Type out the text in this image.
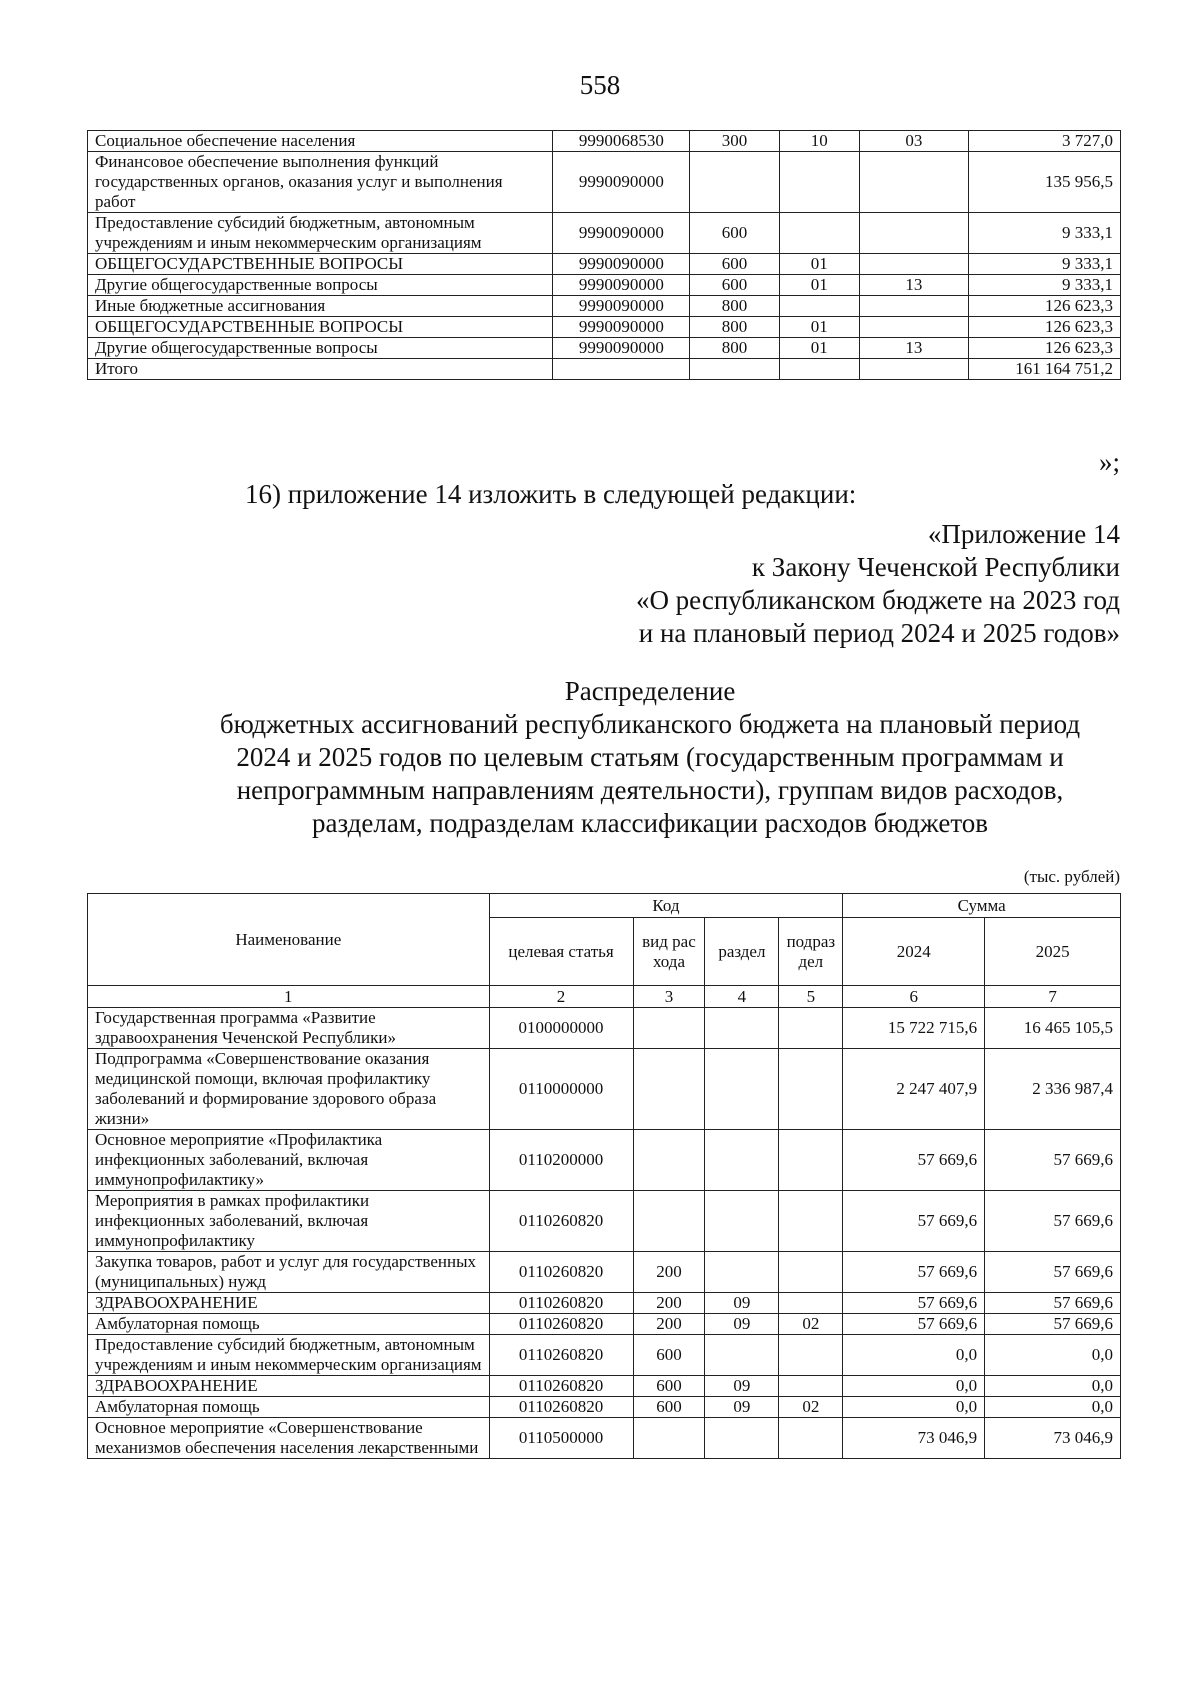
558
Социальное обеспечение населения	9990068530	300	10	03	3 727,0
Финансовое обеспечение выполнения функций государственных органов, оказания услуг и выполнения работ	9990090000				135 956,5
Предоставление субсидий бюджетным, автономным учреждениям и иным некоммерческим организациям	9990090000	600			9 333,1
ОБЩЕГОСУДАРСТВЕННЫЕ ВОПРОСЫ	9990090000	600	01		9 333,1
Другие общегосударственные вопросы	9990090000	600	01	13	9 333,1
Иные бюджетные ассигнования	9990090000	800			126 623,3
ОБЩЕГОСУДАРСТВЕННЫЕ ВОПРОСЫ	9990090000	800	01		126 623,3
Другие общегосударственные вопросы	9990090000	800	01	13	126 623,3
Итого					161 164 751,2
»;
16) приложение 14 изложить в следующей редакции:
«Приложение 14
к Закону Чеченской Республики
«О республиканском бюджете на 2023 год
и на плановый период 2024 и 2025 годов»
Распределение
бюджетных ассигнований республиканского бюджета на плановый период
2024 и 2025 годов по целевым статьям (государственным программам и
непрограммным направлениям деятельности), группам видов расходов,
разделам, подразделам классификации расходов бюджетов
(тыс. рублей)
Наименование	Код				Сумма	
	целевая статья	вид расхода	раздел	подраздел	2024	2025
1	2	3	4	5	6	7
Государственная программа «Развитие здравоохранения Чеченской Республики»	0100000000				15 722 715,6	16 465 105,5
Подпрограмма «Совершенствование оказания медицинской помощи, включая профилактику заболеваний и формирование здорового образа жизни»	0110000000				2 247 407,9	2 336 987,4
Основное мероприятие «Профилактика инфекционных заболеваний, включая иммунопрофилактику»	0110200000				57 669,6	57 669,6
Мероприятия в рамках профилактики инфекционных заболеваний, включая иммунопрофилактику	0110260820				57 669,6	57 669,6
Закупка товаров, работ и услуг для государственных (муниципальных) нужд	0110260820	200			57 669,6	57 669,6
ЗДРАВООХРАНЕНИЕ	0110260820	200	09		57 669,6	57 669,6
Амбулаторная помощь	0110260820	200	09	02	57 669,6	57 669,6
Предоставление субсидий бюджетным, автономным учреждениям и иным некоммерческим организациям	0110260820	600			0,0	0,0
ЗДРАВООХРАНЕНИЕ	0110260820	600	09		0,0	0,0
Амбулаторная помощь	0110260820	600	09	02	0,0	0,0
Основное мероприятие «Совершенствование механизмов обеспечения населения лекарственными	0110500000				73 046,9	73 046,9
